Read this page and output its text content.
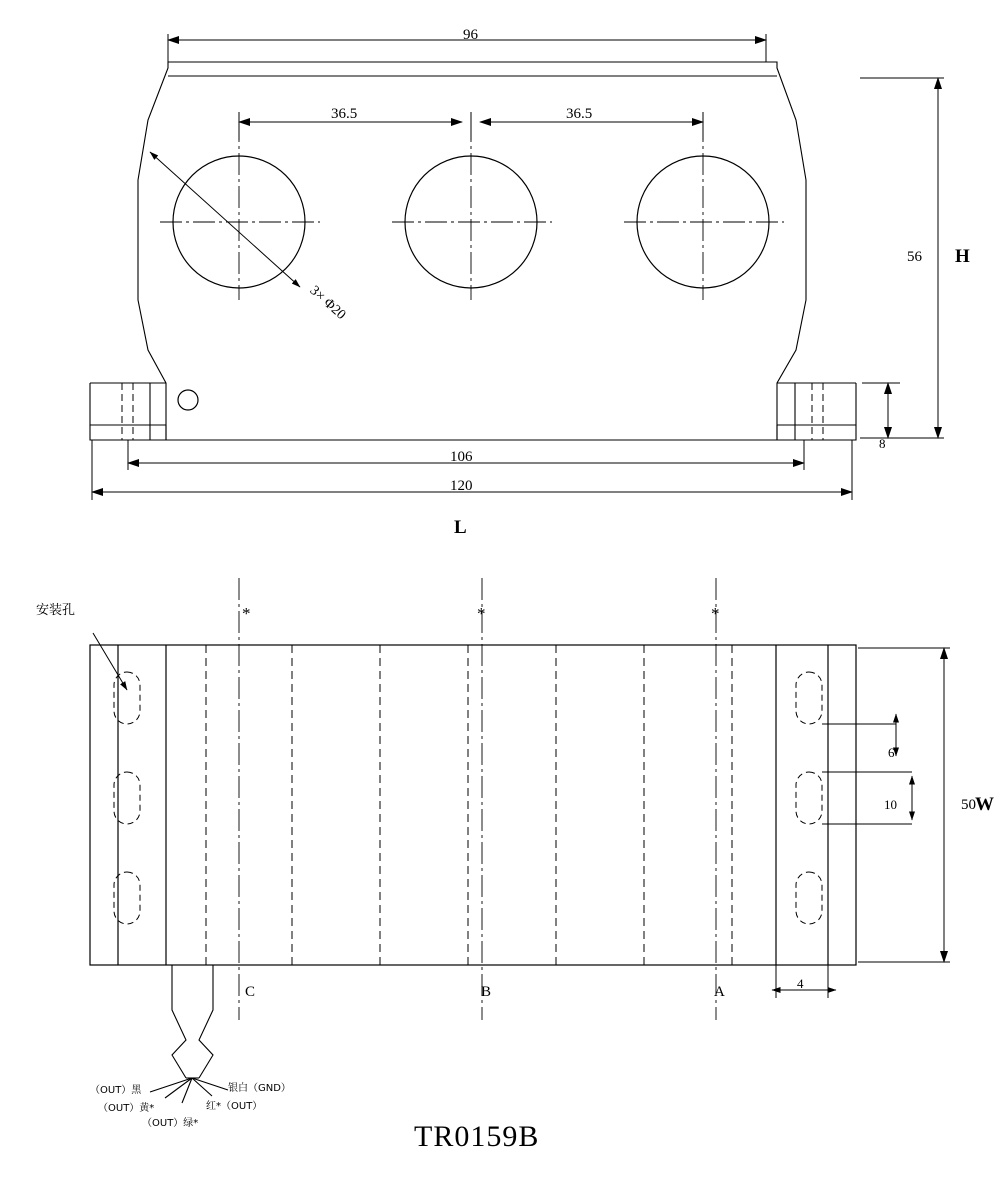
96
36.5	36.5
3× Φ20
56 H
8
106
120
L
安装孔	*	*	*
6
10	50 W
4
C	B	A
（OUT）黑
（OUT）黄*
（OUT）绿*
银白（GND）
红*（OUT）
TR0159B
